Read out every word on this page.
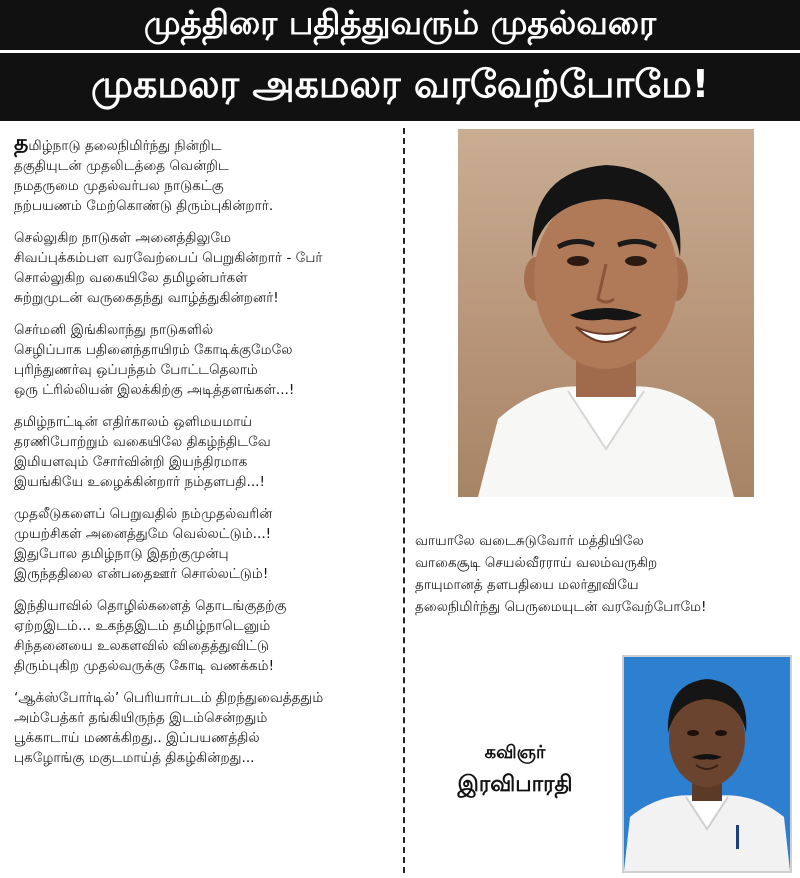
முத்திரை பதித்துவரும் முதல்வரை
முகமலர அகமலர வரவேற்போமே!
தமிழ்நாடு தலைநிமிர்ந்து நின்றிட
தகுதியுடன் முதலிடத்தை வென்றிட
நமதருமை முதல்வர்பல நாடுகட்கு
நற்பயணம் மேற்கொண்டு திரும்புகின்றார்.
செல்லுகிற நாடுகள் அனைத்திலுமே
சிவப்புக்கம்பள வரவேற்பைப் பெறுகின்றார் - பேர்
சொல்லுகிற வகையிலே தமிழன்பர்கள்
சுற்றுமுடன் வருகைதந்து வாழ்த்துகின்றனர்!
செர்மனி இங்கிலாந்து நாடுகளில்
செழிப்பாக பதினைந்தாயிரம் கோடிக்குமேலே
புரிந்துணர்வு ஒப்பந்தம் போட்டதெலாம்
ஒரு ட்ரில்லியன் இலக்கிற்கு அடித்தளங்கள்...!
தமிழ்நாட்டின் எதிர்காலம் ஒளிமயமாய்
தரணிபோற்றும் வகையிலே திகழ்ந்திடவே
இமியளவும் சோர்வின்றி இயந்திரமாக
இயங்கியே உழைக்கின்றார் நம்தளபதி...!
முதலீடுகளைப் பெறுவதில் நம்முதல்வரின்
முயற்சிகள் அனைத்துமே வெல்லட்டும்...!
இதுபோல தமிழ்நாடு இதற்குமுன்பு
இருந்ததிலை என்பதைஊர் சொல்லட்டும்!
இந்தியாவில் தொழில்களைத் தொடங்குதற்கு
ஏற்றஇடம்... உகந்தஇடம் தமிழ்நாடெனும்
சிந்தனையை உலகளவில் விதைத்துவிட்டு
திரும்புகிற முதல்வருக்கு கோடி வணக்கம்!
‘ஆக்ஸ்போர்டில்’ பெரியார்படம் திறந்துவைத்ததும்
அம்பேத்கர் தங்கியிருந்த இடம்சென்றதும்
பூக்காடாய் மணக்கிறது.. இப்பயணத்தில்
புகழோங்கு மகுடமாய்த் திகழ்கின்றது...
வாயாலே வடைசுடுவோர் மத்தியிலே
வாகைசூடி செயல்வீரராய் வலம்வருகிற
தாயுமானத் தளபதியை மலர்தூவியே
தலைநிமிர்ந்து பெருமையுடன் வரவேற்போமே!
கவிஞர்
இரவிபாரதி
